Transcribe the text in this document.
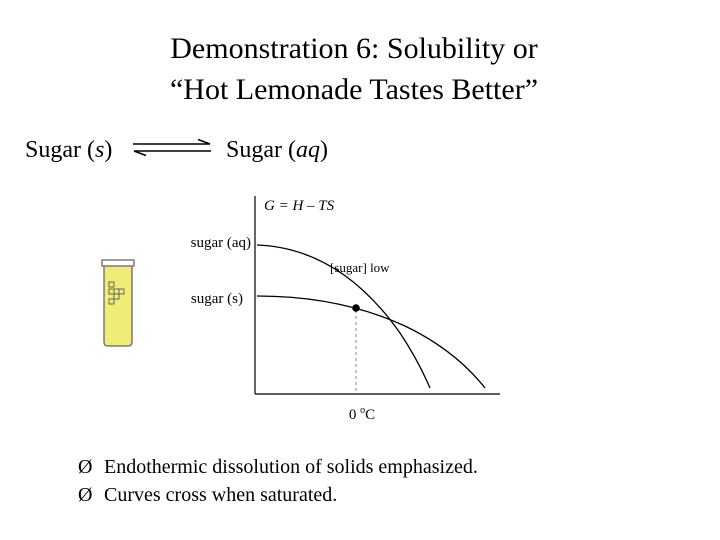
Demonstration 6: Solubility or
“Hot Lemonade Tastes Better”
Sugar (s)	Sugar (aq)
G = H – TS
sugar (aq)
sugar (s)
[sugar] low
0 $^o$C
Ø Endothermic dissolution of solids emphasized.
Ø Curves cross when saturated.
